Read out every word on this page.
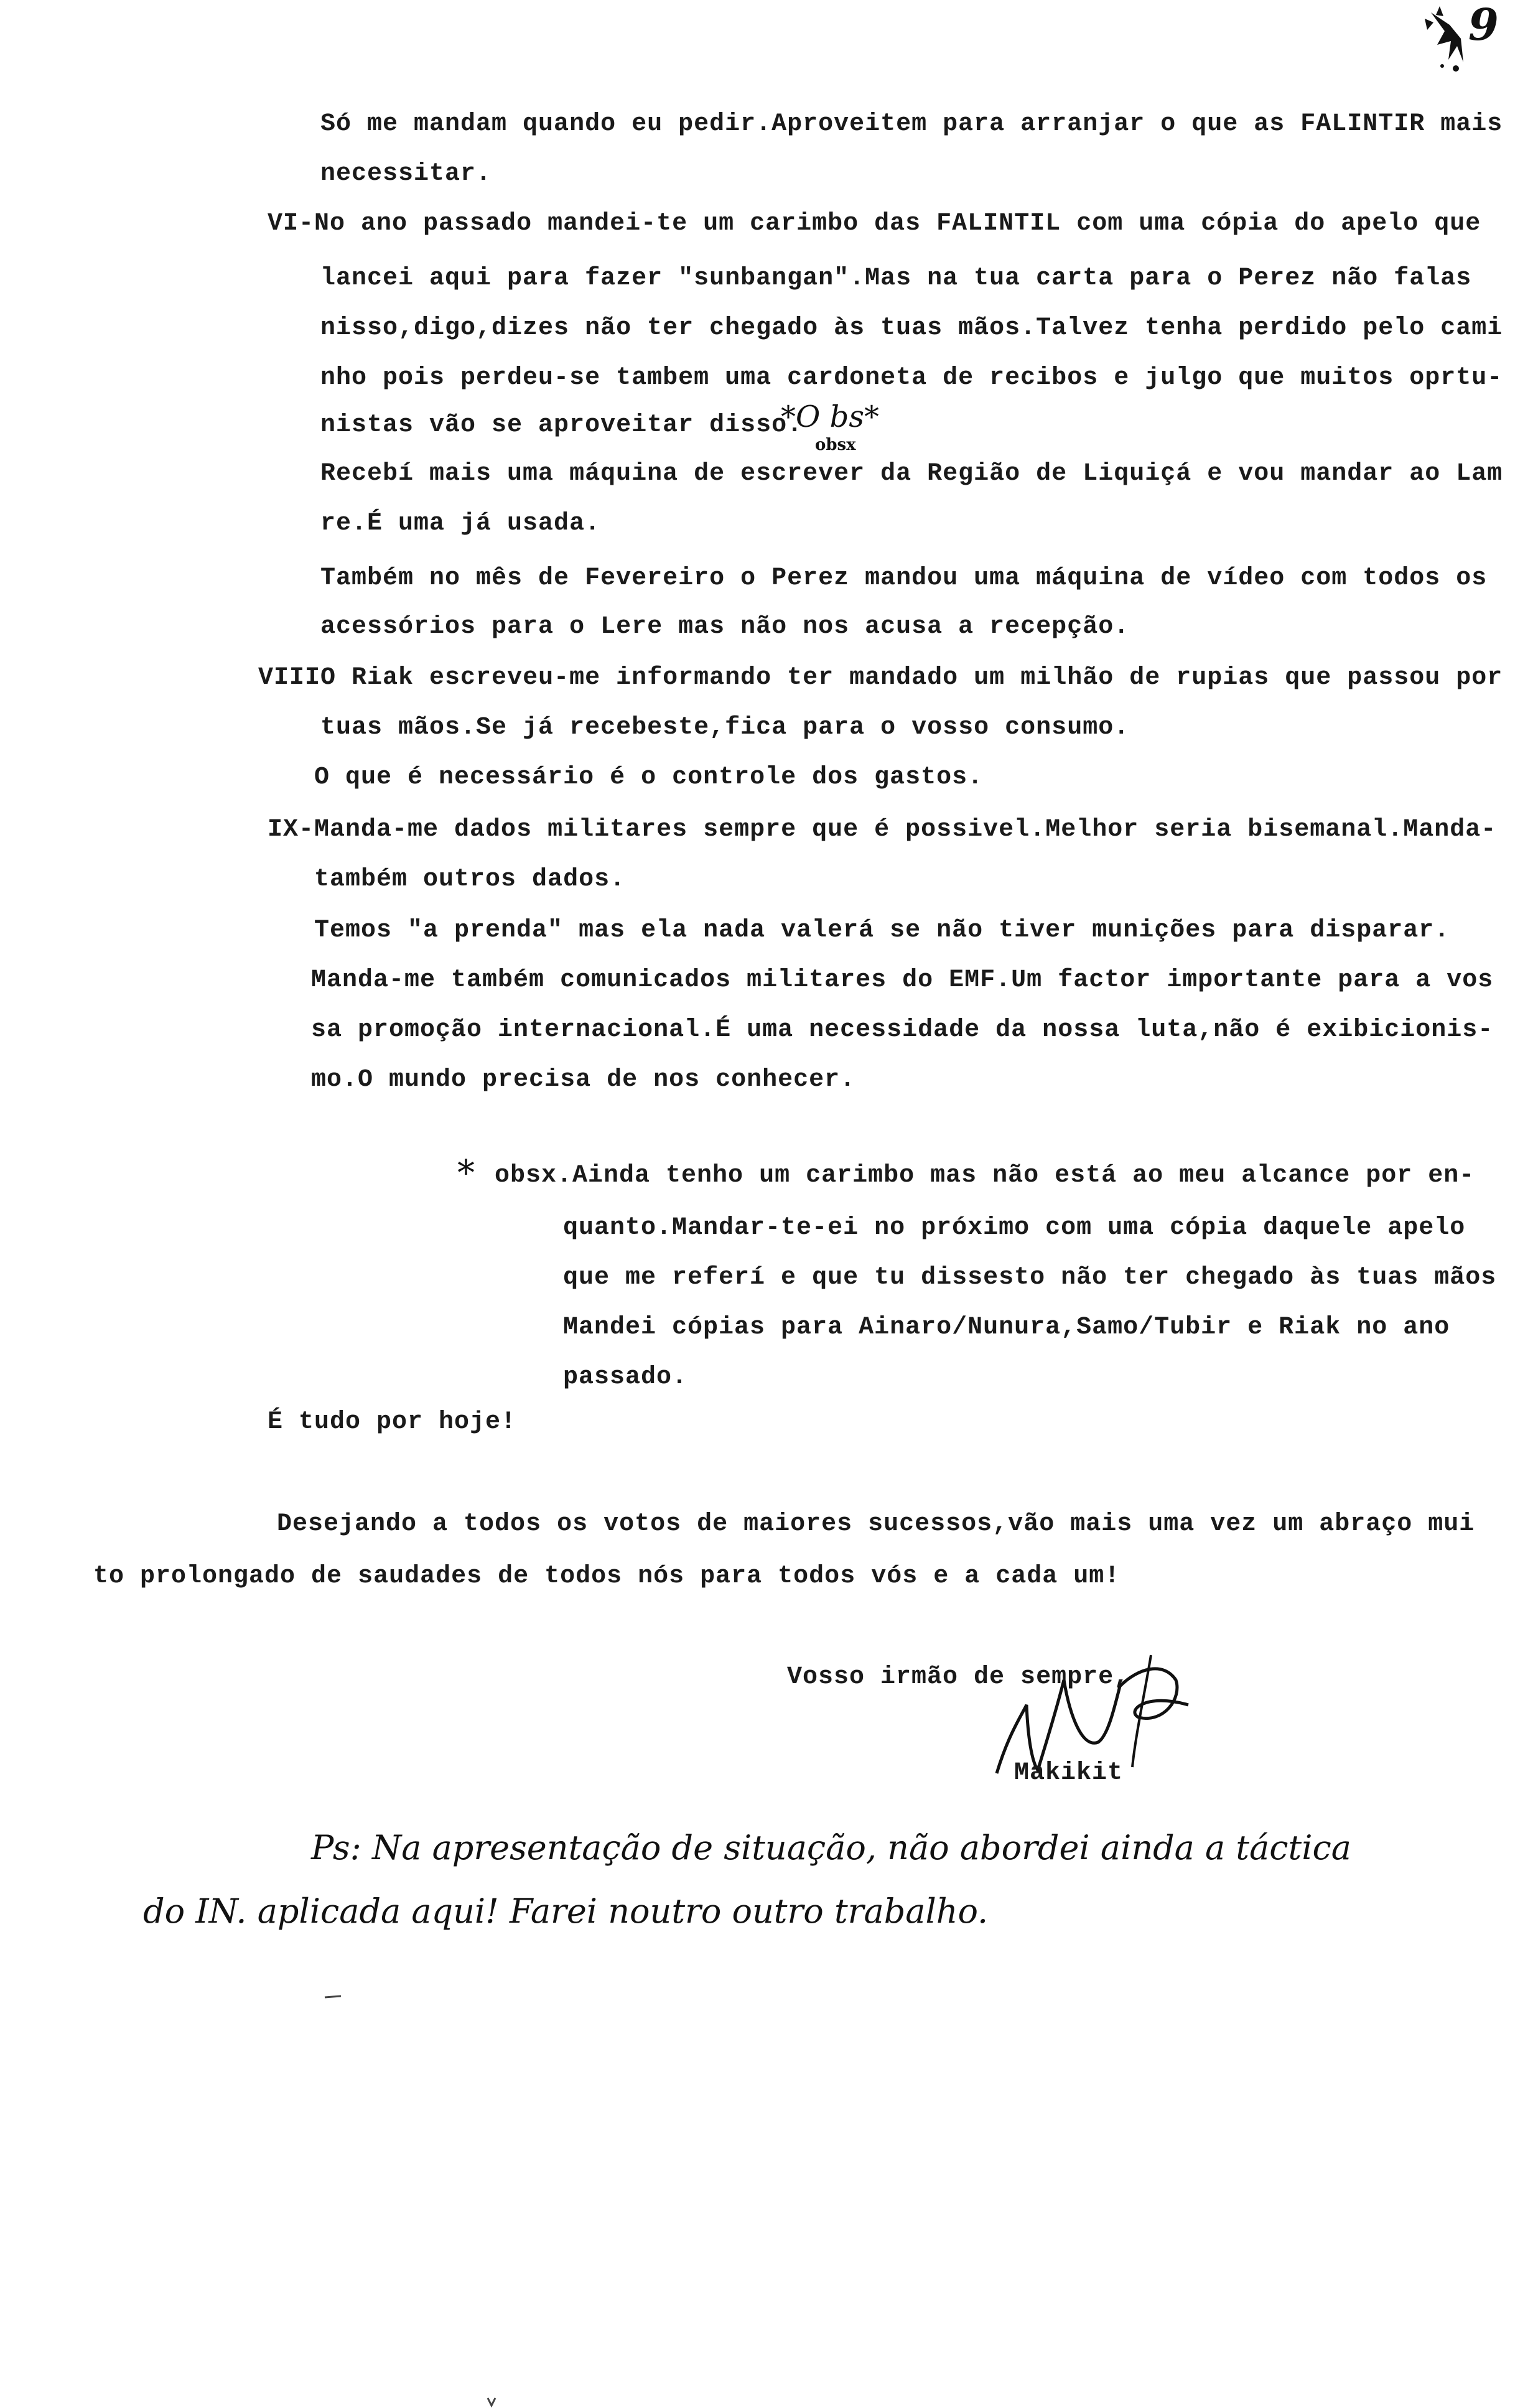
9
Só me mandam quando eu pedir.Aproveitem para arranjar o que as FALINTIR mais
necessitar.
VI-No ano passado mandei-te um carimbo das FALINTIL com uma cópia do apelo que
lancei aqui para fazer "sunbangan".Mas na tua carta para o Perez não falas
nisso,digo,dizes não ter chegado às tuas mãos.Talvez tenha perdido pelo cami
nho pois perdeu-se tambem uma cardoneta de recibos e julgo que muitos oprtu-
nistas vão se aproveitar disso.
*O bs*
obsx
Recebí mais uma máquina de escrever da Região de Liquiçá e vou mandar ao Lam
re.É uma já usada.
Também no mês de Fevereiro o Perez mandou uma máquina de vídeo com todos os
acessórios para o Lere mas não nos acusa a recepção.
VIIIO Riak escreveu-me informando ter mandado um milhão de rupias que passou por
tuas mãos.Se já recebeste,fica para o vosso consumo.
O que é necessário é o controle dos gastos.
IX-Manda-me dados militares sempre que é possivel.Melhor seria bisemanal.Manda-
também outros dados.
Temos "a prenda" mas ela nada valerá se não tiver munições para disparar.
Manda-me também comunicados militares do EMF.Um factor importante para a vos
sa promoção internacional.É uma necessidade da nossa luta,não é exibicionis-
mo.O mundo precisa de nos conhecer.
* obsx.Ainda tenho um carimbo mas não está ao meu alcance por en-
quanto.Mandar-te-ei no próximo com uma cópia daquele apelo
que me referí e que tu dissesto não ter chegado às tuas mãos
Mandei cópias para Ainaro/Nunura,Samo/Tubir e Riak no ano
passado.
É tudo por hoje!
Desejando a todos os votos de maiores sucessos,vão mais uma vez um abraço mui
to prolongado de saudades de todos nós para todos vós e a cada um!
Vosso irmão de sempre,
Makikit
Ps: Na apresentação de situação, não abordei ainda a táctica
do IN. aplicada aqui! Farei noutro outro trabalho.
